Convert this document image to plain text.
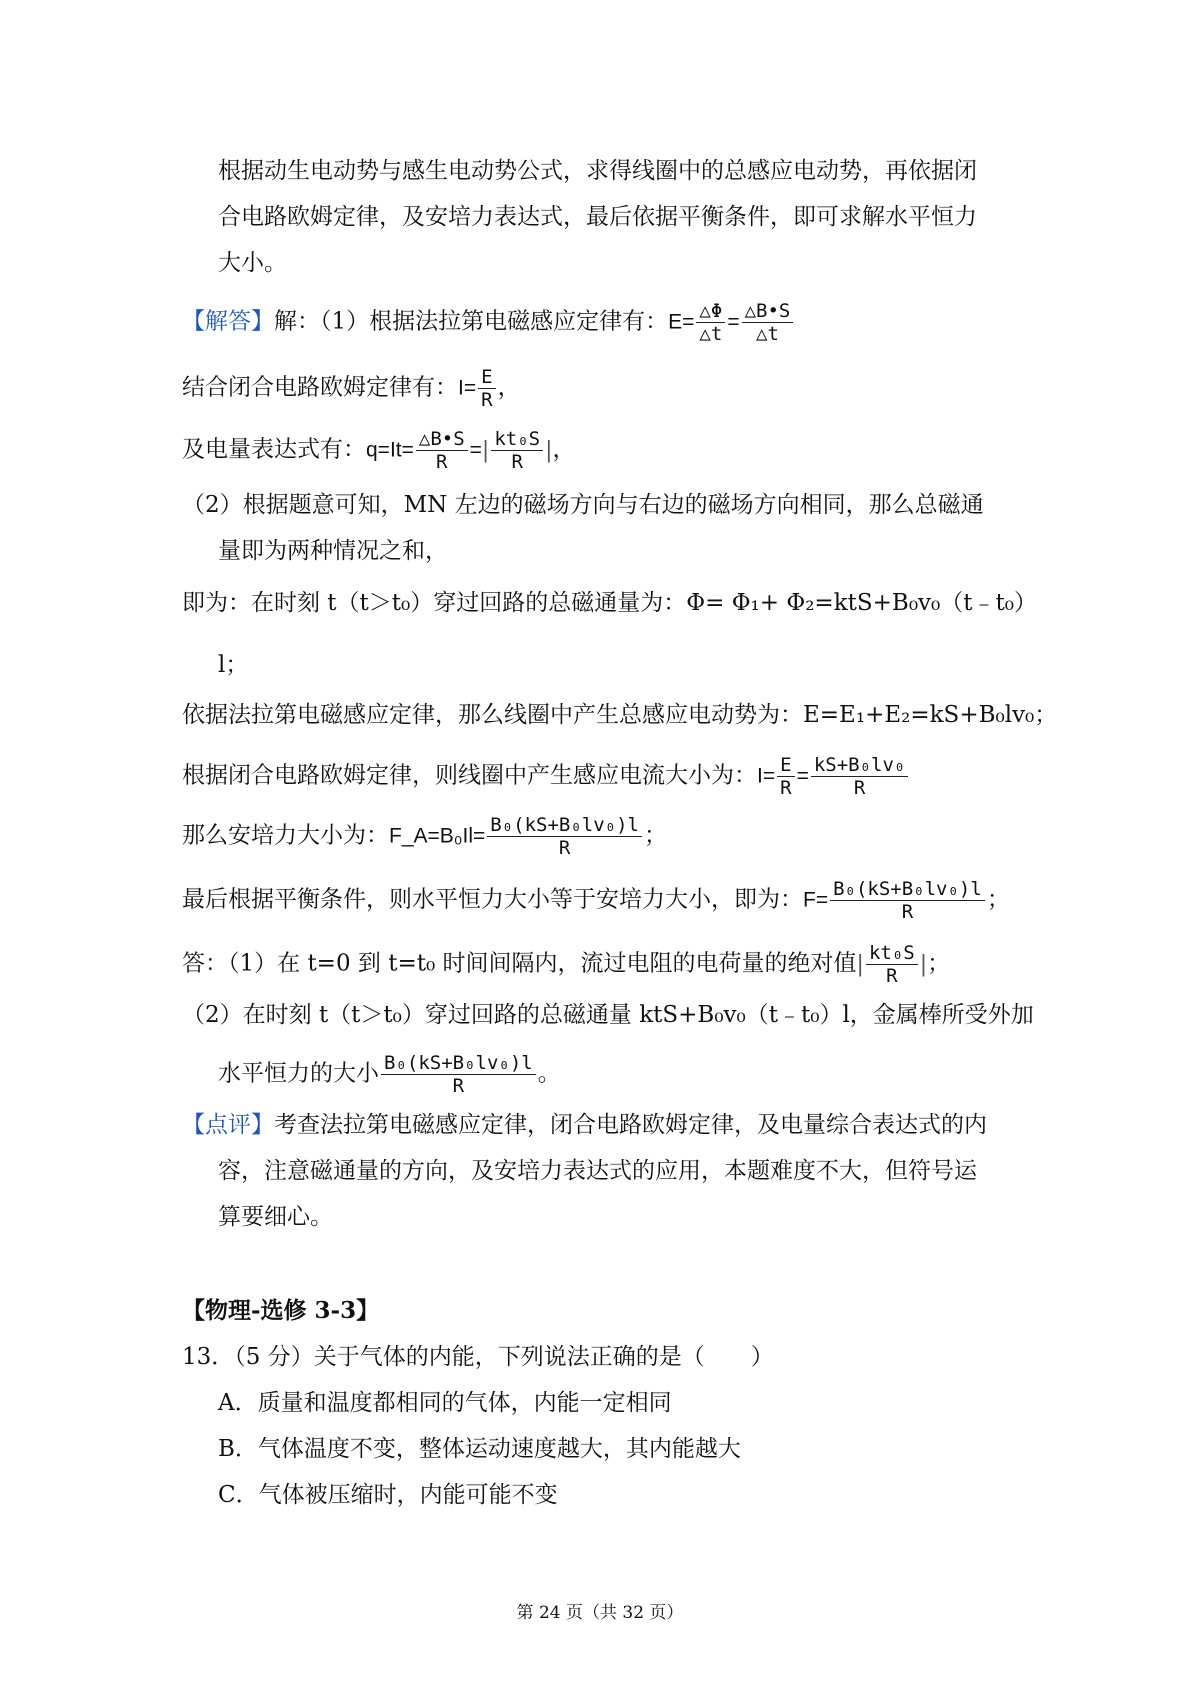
根据动生电动势与感生电动势公式，求得线圈中的总感应电动势，再依据闭
合电路欧姆定律，及安培力表达式，最后依据平衡条件，即可求解水平恒力
大小。
【解答】解：（1）根据法拉第电磁感应定律有：$E= \frac{\triangle\Phi}{\triangle t} = \frac{\triangle B•S}{\triangle t}$
结合闭合电路欧姆定律有：$I= \frac{E}{R}$ ，
及电量表达式有：$q=It= \frac{\triangle B•S}{R}$ =| $\frac{\text{kt₀S}}{R}$ |，
（2）根据题意可知，MN 左边的磁场方向与右边的磁场方向相同，那么总磁通
量即为两种情况之和，
即为：在时刻 t（t＞t₀）穿过回路的总磁通量为：Φ= Φ₁+ Φ₂=ktS+B₀v₀（t﹣t₀）
l；
依据法拉第电磁感应定律，那么线圈中产生总感应电动势为：E=E₁+E₂=kS+B₀lv₀；
根据闭合电路欧姆定律，则线圈中产生感应电流大小为：$I= \frac{E}{R} = \frac{\text{kS+B₀lv₀}}{R}$
那么安培力大小为：F_A=B₀Il= $\frac{\text{B₀(kS+B₀lv₀)l}}{R}$ ；
最后根据平衡条件，则水平恒力大小等于安培力大小，即为：$F= \frac{\text{B₀(kS+B₀lv₀)l}}{R}$ ；
答：（1）在 t=0 到 t=t₀ 时间间隔内，流过电阻的电荷量的绝对值| $\frac{\text{kt₀S}}{R}$ |；
（2）在时刻 t（t＞t₀）穿过回路的总磁通量 ktS+B₀v₀（t﹣t₀）l，金属棒所受外加
水平恒力的大小 $\frac{\text{B₀(kS+B₀lv₀)l}}{R}$ 。
【点评】考查法拉第电磁感应定律，闭合电路欧姆定律，及电量综合表达式的内
容，注意磁通量的方向，及安培力表达式的应用，本题难度不大，但符号运
算要细心。
【物理-选修 3-3】
13．（5 分）关于气体的内能，下列说法正确的是（　　）
A．质量和温度都相同的气体，内能一定相同
B．气体温度不变，整体运动速度越大，其内能越大
C．气体被压缩时，内能可能不变
第 24 页（共 32 页）
